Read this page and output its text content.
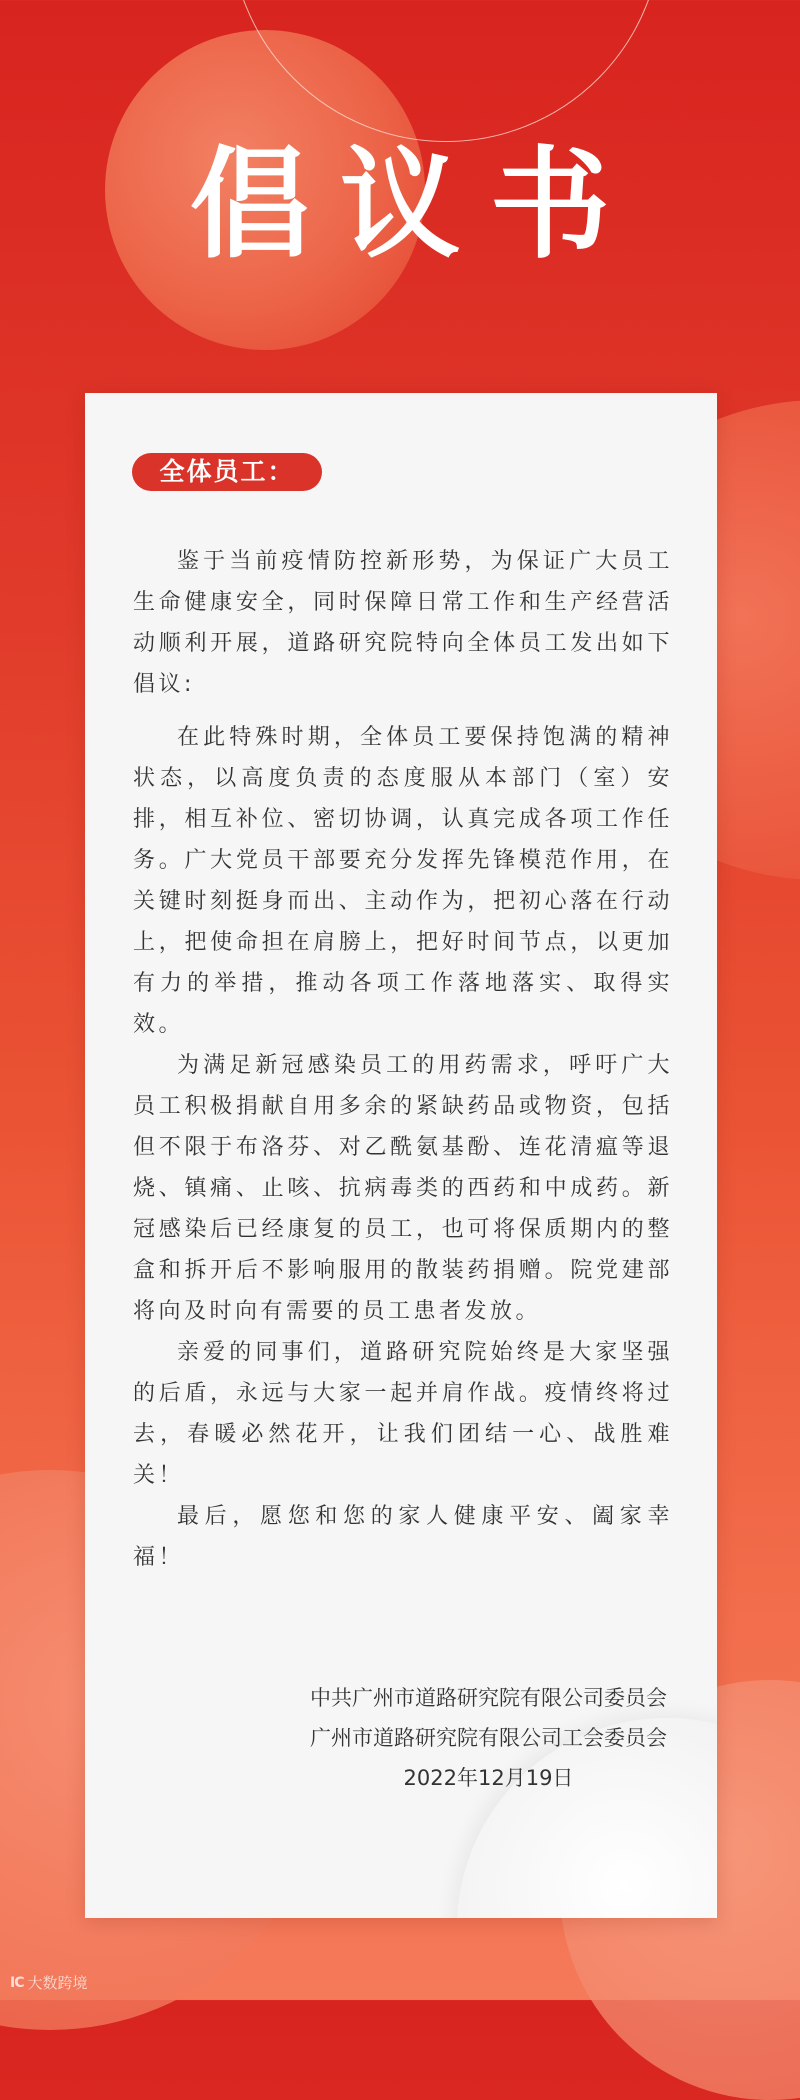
倡议书
全体员工：

鉴于当前疫情防控新形势，为保证广大员工生命健康安全，同时保障日常工作和生产经营活动顺利开展，道路研究院特向全体员工发出如下倡议:

在此特殊时期，全体员工要保持饱满的精神状态，以高度负责的态度服从本部门（室）安排，相互补位、密切协调，认真完成各项工作任务。广大党员干部要充分发挥先锋模范作用，在关键时刻挺身而出、主动作为，把初心落在行动上，把使命担在肩膀上，把好时间节点，以更加有力的举措，推动各项工作落地落实、取得实效。

为满足新冠感染员工的用药需求，呼吁广大员工积极捐献自用多余的紧缺药品或物资，包括但不限于布洛芬、对乙酰氨基酚、连花清瘟等退烧、镇痛、止咳、抗病毒类的西药和中成药。新冠感染后已经康复的员工，也可将保质期内的整盒和拆开后不影响服用的散装药捐赠。院党建部将向及时向有需要的员工患者发放。

亲爱的同事们，道路研究院始终是大家坚强的后盾，永远与大家一起并肩作战。疫情终将过去，春暖必然花开，让我们团结一心、战胜难关！

最后，愿您和您的家人健康平安、阖家幸福！

中共广州市道路研究院有限公司委员会
广州市道路研究院有限公司工会委员会
2022年12月19日
IC 大数跨境
